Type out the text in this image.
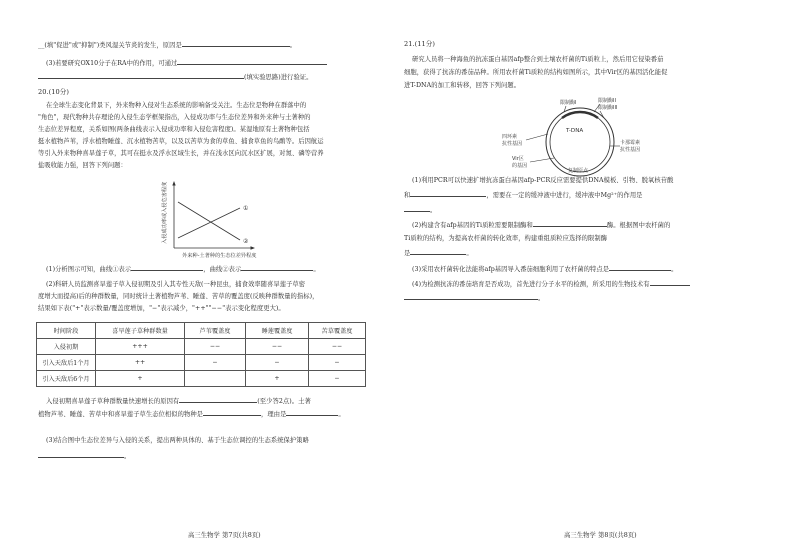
__(填"促进"或"抑制")类风湿关节炎的发生，原因是	。
(3)若要研究OX10分子在RA中的作用，可通过
(填实验思路)进行验证。
20.(10分)
在全球生态变化背景下，外来物种入侵对生态系统的影响备受关注。生态位是物种在群落中的
"角色"，现代物种共存理论的入侵生态学框架指出，入侵成功率与生态位差异和外来种与土著种的
生态位差异程度，关系如图(两条曲线表示入侵成功率和入侵危害程度)。某湿地原有土著物种包括
挺水植物芦苇，浮水植物睡莲、沉水植物苦草，以及以苦草为食的草鱼、捕食草鱼的鸟鹬等。后因航运
等引入外来物种喜旱莲子草，其可在挺水及浮水区域生长，并在浅水区向沉水区扩展，对氮、磷等营养
盐吸收能力强，回答下列问题：
入侵成功率或入侵危害程度	①
②
外来种-土著种的生态位差异程度
(1)分析图示可知，曲线①表示	，曲线②表示	。
(2)科研人员监测喜旱莲子草入侵初期及引入其专性天敌(一种昆虫，捕食效率随喜旱莲子草密
度增大而提高)后的种群数量，同时统计土著植物芦苇、睡莲、苦草的覆盖度(反映种群数量的指标)，
结果如下表("+"表示数量/覆盖度增加，"−"表示减少，"++""−−"表示变化程度更大)。
时间阶段	喜旱莲子草种群数量	芦苇覆盖度	睡莲覆盖度	苦草覆盖度
入侵初期	+++	−−	−−	−−
引入天敌后1个月	++	−	−	−
引入天敌后6个月	+		+	−
入侵初期喜旱莲子草种群数量快速增长的原因有	(至少答2点)。土著
植物芦苇、睡莲、苦草中和喜旱莲子草生态位相似的物种是	，理由是	。
(3)结合图中生态位差异与入侵的关系，提出两种具体的、基于生态位调控的生态系统保护策略
。
高三生物学 第7页(共8页)
21.(11分)
研究人员将一种海鱼的抗冻蛋白基因afp整合到土壤农杆菌的Ti质粒上，然后用它侵染番茄
细胞，获得了抗冻的番茄品种。所用农杆菌Ti质粒的结构如图所示，其中Vir区的基因活化能促
进T-DNA的加工和转移，回答下列问题。
T-DNA
限制酶I	限制酶II
限制酶III
四环素
抗性基因
Vir区
的基因
卡那霉素
抗性基因
复制原点
(1)利用PCR可以快速扩增抗冻蛋白基因afp-PCR反应需要提供DNA模板、引物、脱氧核苷酸
和	，需要在一定的缓冲液中进行，缓冲液中Mg²⁺的作用是
。
(2)构建含有afp基因的Ti质粒需要限制酶和	酶。根据图中农杆菌的
Ti质粒的结构，为提高农杆菌的转化效率，构建重组质粒应选择的限制酶
是	。
(3)采用农杆菌转化法能将afp基因导入番茄细胞利用了农杆菌的特点是	。
(4)为检测抗冻的番茄培育是否成功，首先进行分子水平的检测，所采用的生物技术有
。
高三生物学 第8页(共8页)
